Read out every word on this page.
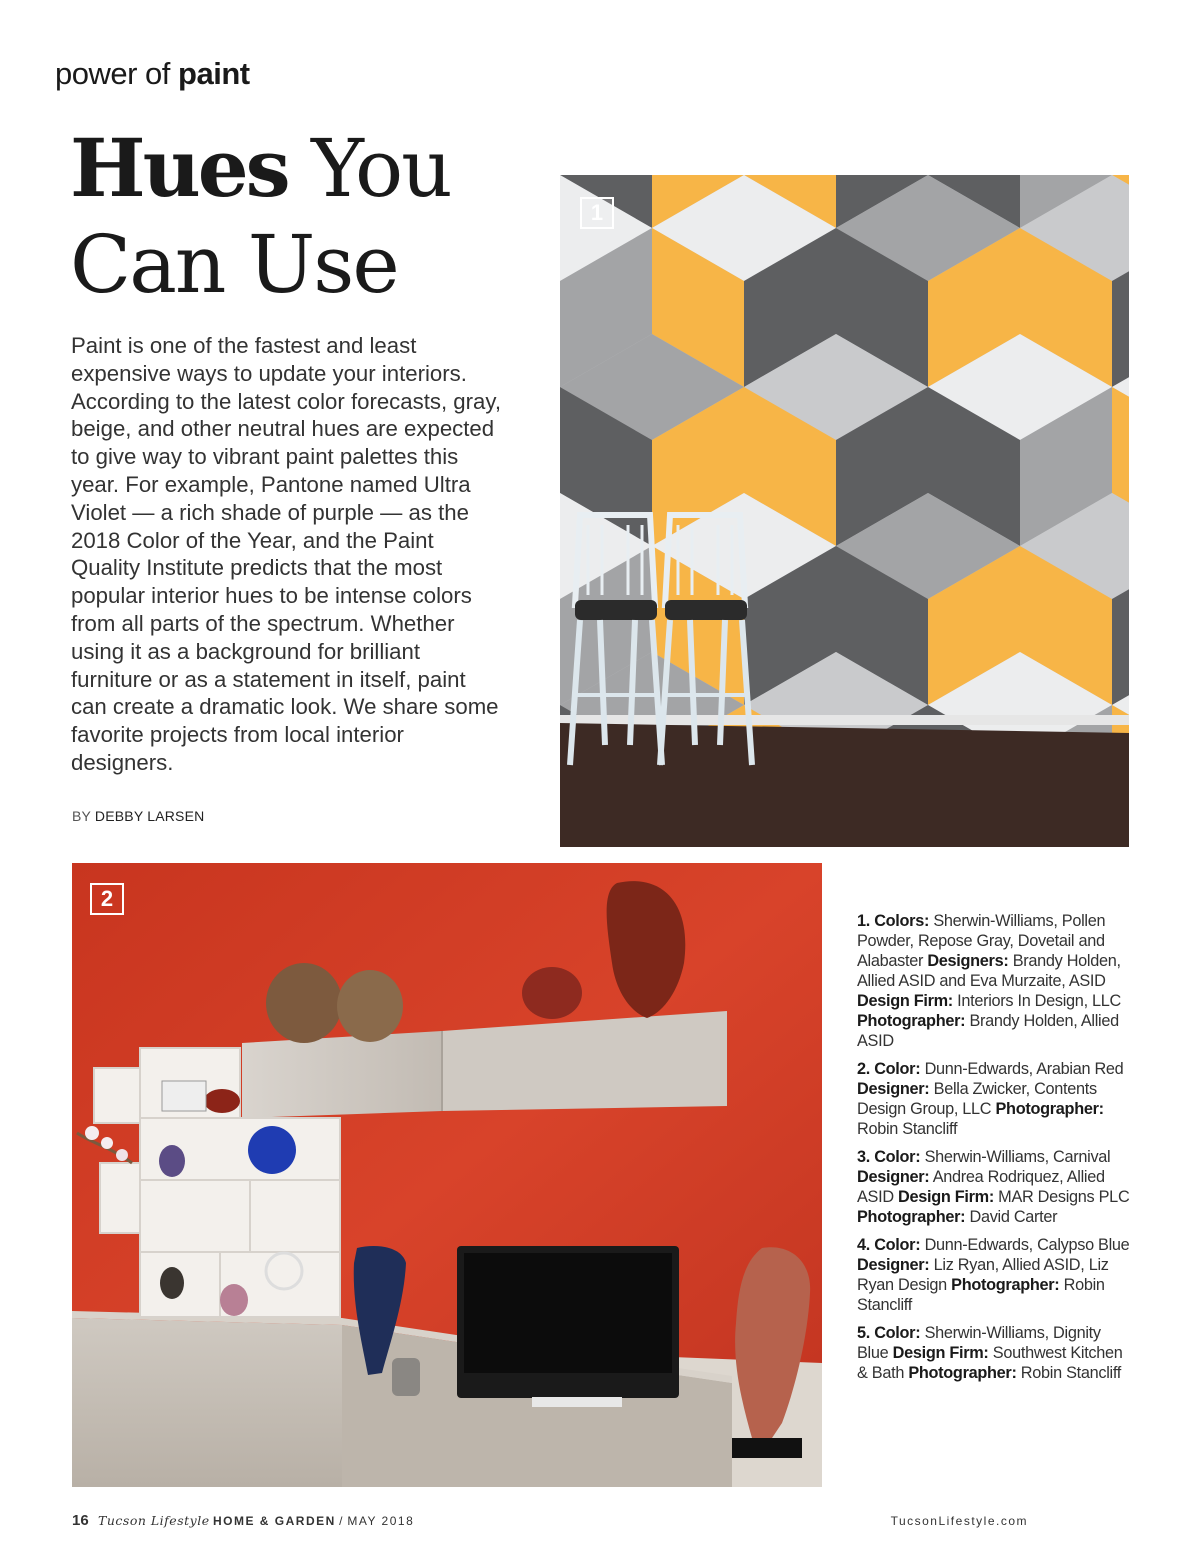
power of paint
Hues You
Can Use
Paint is one of the fastest and least expensive ways to update your interiors. According to the latest color forecasts, gray, beige, and other neutral hues are expected to give way to vibrant paint palettes this year. For example, Pantone named Ultra Violet — a rich shade of purple — as the 2018 Color of the Year, and the Paint Quality Institute predicts that the most popular interior hues to be intense colors from all parts of the spectrum. Whether using it as a background for brilliant furniture or as a statement in itself, paint can create a dramatic look. We share some favorite projects from local interior designers.
BY DEBBY LARSEN
1
2
1. Colors: Sherwin-Williams, Pollen Powder, Repose Gray, Dovetail and Alabaster Designers: Brandy Holden, Allied ASID and Eva Murzaite, ASID Design Firm: Interiors In Design, LLC Photographer: Brandy Holden, Allied ASID
2. Color: Dunn-Edwards, Arabian Red Designer: Bella Zwicker, Contents Design Group, LLC Photographer: Robin Stancliff
3. Color: Sherwin-Williams, Carnival Designer: Andrea Rodriquez, Allied ASID Design Firm: MAR Designs PLC Photographer: David Carter
4. Color: Dunn-Edwards, Calypso Blue Designer: Liz Ryan, Allied ASID, Liz Ryan Design Photographer: Robin Stancliff
5. Color: Sherwin-Williams, Dignity Blue Design Firm: Southwest Kitchen & Bath Photographer: Robin Stancliff
16 Tucson Lifestyle HOME & GARDEN / MAY 2018	TucsonLifestyle.com
